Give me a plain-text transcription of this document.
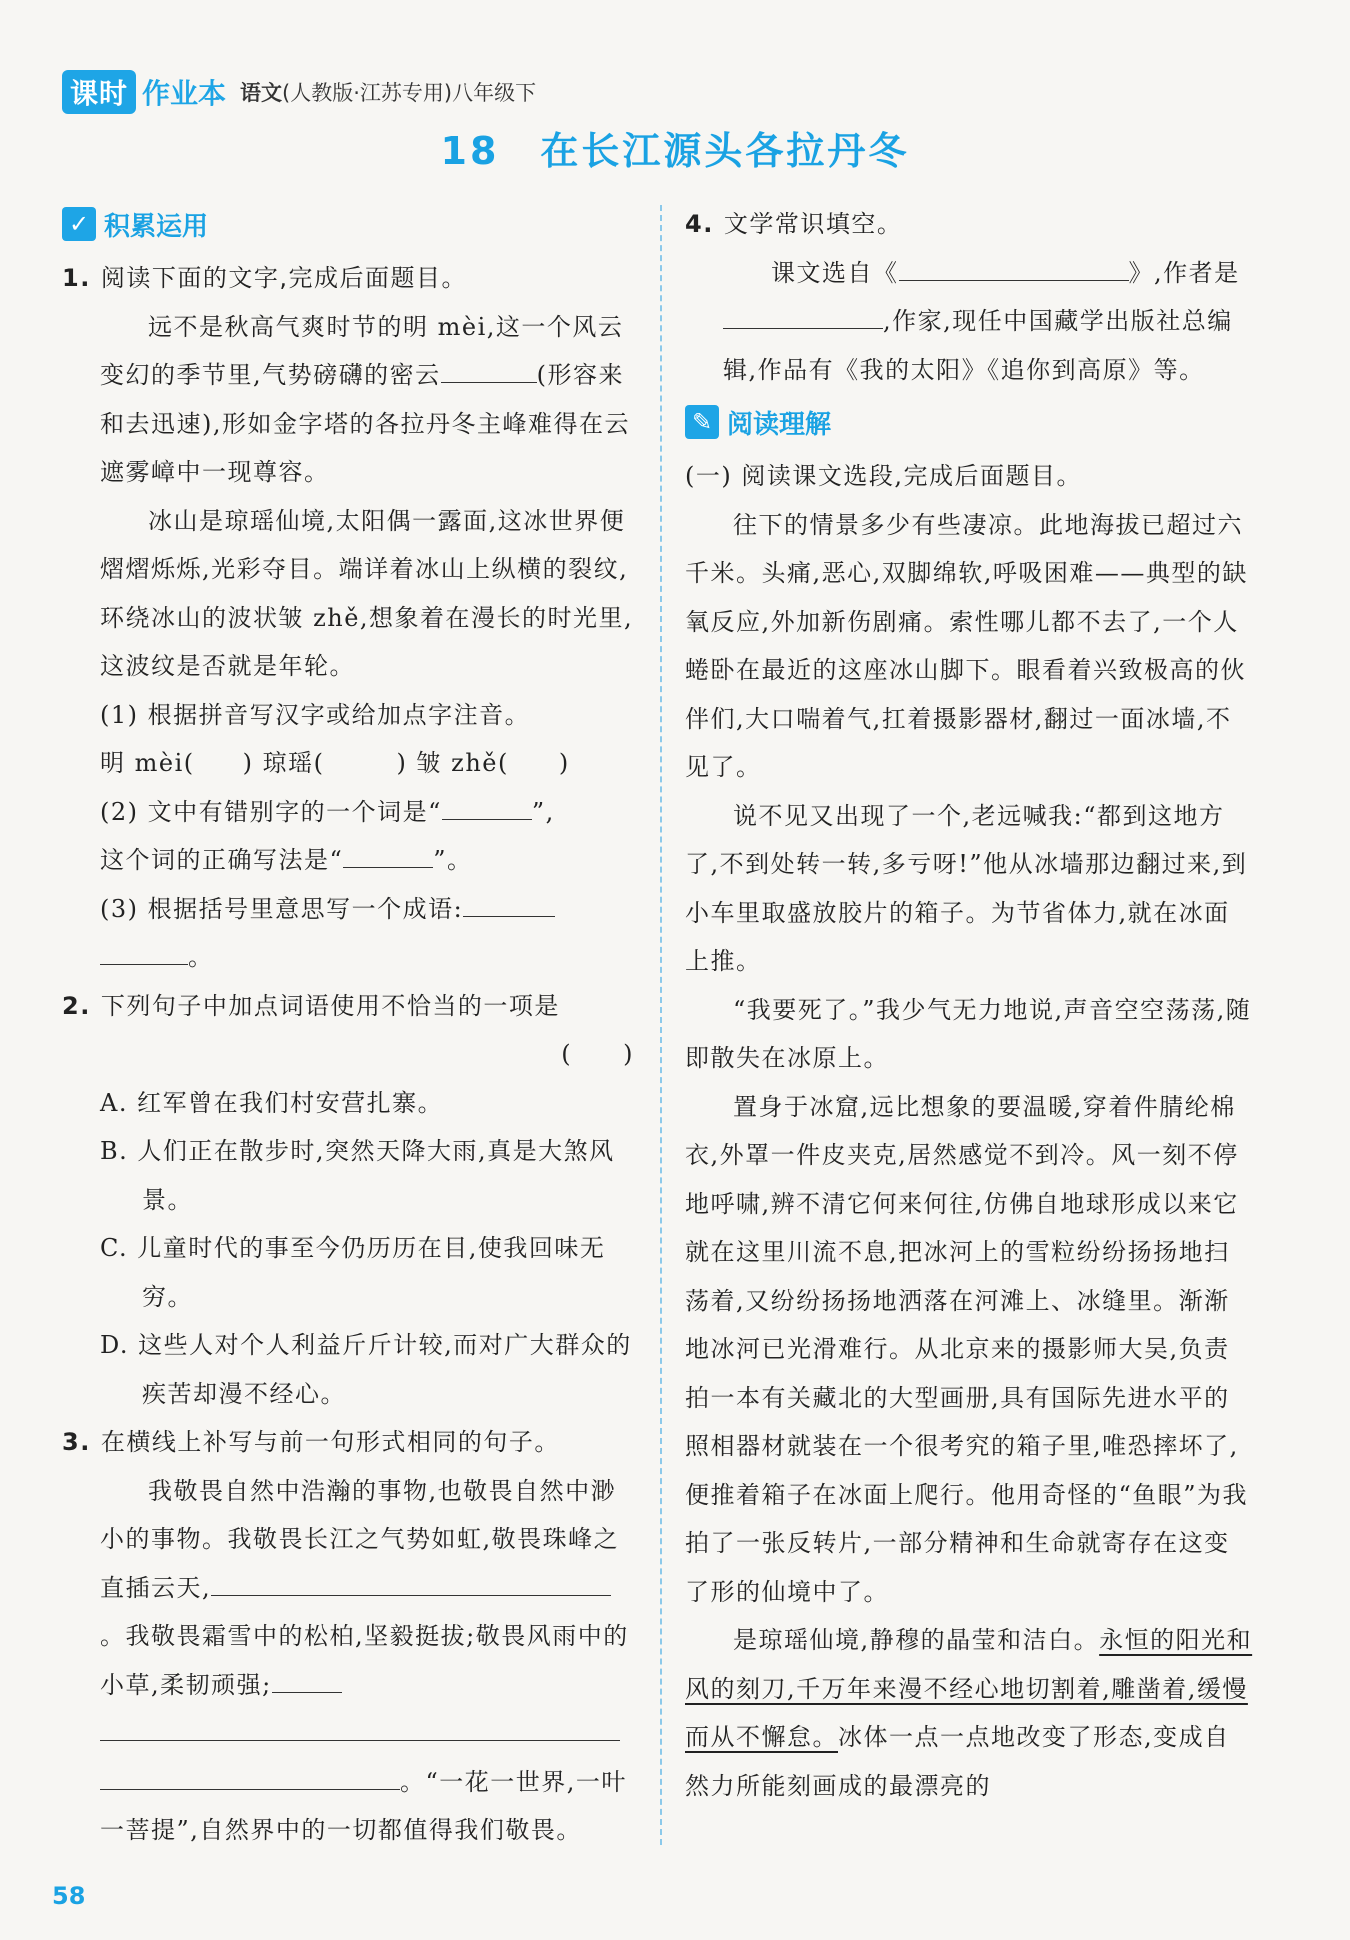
课时 作业本 语文(人教版·江苏专用)八年级下
18　在长江源头各拉丹冬
✓ 积累运用

1. 阅读下面的文字,完成后面题目。

远不是秋高气爽时节的明 mèi,这一个风云变幻的季节里,气势磅礴的密云	(形容来和去迅速),形如金字塔的各拉丹冬主峰难得在云遮雾嶂中一现尊容。

冰山是琼瑶仙境,太阳偶一露面,这冰世界便熠熠烁烁,光彩夺目。端详着冰山上纵横的裂纹,环绕冰山的波状皱 zhě,想象着在漫长的时光里,这波纹是否就是年轮。

(1) 根据拼音写汉字或给加点字注音。

明 mèi( ) 琼瑶(	) 皱 zhě( )

(2) 文中有错别字的一个词是“	”,

这个词的正确写法是“	”。

(3) 根据括号里意思写一个成语:

。

2. 下列句子中加点词语使用不恰当的一项是

(　　)

A. 红军曾在我们村安营扎寨。

B. 人们正在散步时,突然天降大雨,真是大煞风景。

C. 儿童时代的事至今仍历历在目,使我回味无穷。

D. 这些人对个人利益斤斤计较,而对广大群众的疾苦却漫不经心。

3. 在横线上补写与前一句形式相同的句子。

我敬畏自然中浩瀚的事物,也敬畏自然中渺小的事物。我敬畏长江之气势如虹,敬畏珠峰之直插云天,。我敬畏霜雪中的松柏,坚毅挺拔;敬畏风雨中的小草,柔韧顽强;。“一花一世界,一叶一菩提”,自然界中的一切都值得我们敬畏。

4. 文学常识填空。

课文选自《	》,作者是,作家,现任中国藏学出版社总编辑,作品有《我的太阳》《追你到高原》等。

✎ 阅读理解

(一) 阅读课文选段,完成后面题目。

往下的情景多少有些凄凉。此地海拔已超过六千米。头痛,恶心,双脚绵软,呼吸困难——典型的缺氧反应,外加新伤剧痛。索性哪儿都不去了,一个人蜷卧在最近的这座冰山脚下。眼看着兴致极高的伙伴们,大口喘着气,扛着摄影器材,翻过一面冰墙,不见了。

说不见又出现了一个,老远喊我:“都到这地方了,不到处转一转,多亏呀!”他从冰墙那边翻过来,到小车里取盛放胶片的箱子。为节省体力,就在冰面上推。

“我要死了。”我少气无力地说,声音空空荡荡,随即散失在冰原上。

置身于冰窟,远比想象的要温暖,穿着件腈纶棉衣,外罩一件皮夹克,居然感觉不到冷。风一刻不停地呼啸,辨不清它何来何往,仿佛自地球形成以来它就在这里川流不息,把冰河上的雪粒纷纷扬扬地扫荡着,又纷纷扬扬地洒落在河滩上、冰缝里。渐渐地冰河已光滑难行。从北京来的摄影师大吴,负责拍一本有关藏北的大型画册,具有国际先进水平的照相器材就装在一个很考究的箱子里,唯恐摔坏了,便推着箱子在冰面上爬行。他用奇怪的“鱼眼”为我拍了一张反转片,一部分精神和生命就寄存在这变了形的仙境中了。

是琼瑶仙境,静穆的晶莹和洁白。永恒的阳光和风的刻刀,千万年来漫不经心地切割着,雕凿着,缓慢而从不懈怠。冰体一点一点地改变了形态,变成自然力所能刻画成的最漂亮的

58
